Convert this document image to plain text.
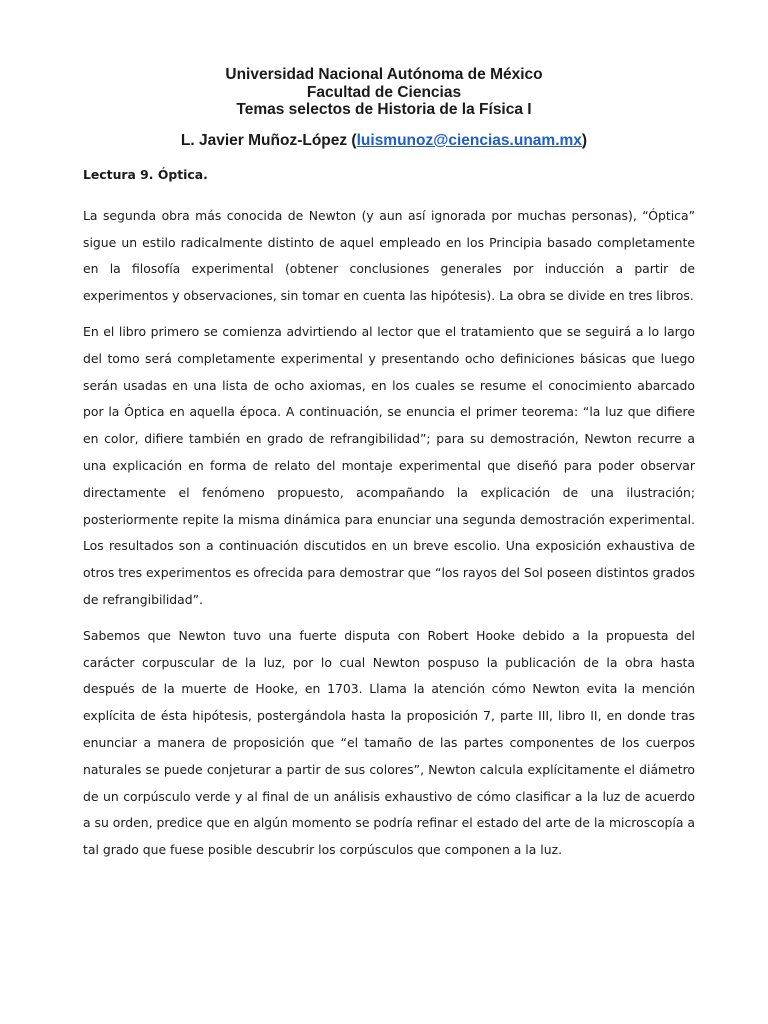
Universidad Nacional Autónoma de México

Facultad de Ciencias

Temas selectos de Historia de la Física I

L. Javier Muñoz-López (luismunoz@ciencias.unam.mx)

Lectura 9. Óptica.

La segunda obra más conocida de Newton (y aun así ignorada por muchas personas), “Óptica” sigue un estilo radicalmente distinto de aquel empleado en los Principia basado completamente en la filosofía experimental (obtener conclusiones generales por inducción a partir de experimentos y observaciones, sin tomar en cuenta las hipótesis). La obra se divide en tres libros.

En el libro primero se comienza advirtiendo al lector que el tratamiento que se seguirá a lo largo del tomo será completamente experimental y presentando ocho definiciones básicas que luego serán usadas en una lista de ocho axiomas, en los cuales se resume el conocimiento abarcado por la Óptica en aquella época. A continuación, se enuncia el primer teorema: “la luz que difiere en color, difiere también en grado de refrangibilidad”; para su demostración, Newton recurre a una explicación en forma de relato del montaje experimental que diseñó para poder observar directamente el fenómeno propuesto, acompañando la explicación de una ilustración; posteriormente repite la misma dinámica para enunciar una segunda demostración experimental. Los resultados son a continuación discutidos en un breve escolio. Una exposición exhaustiva de otros tres experimentos es ofrecida para demostrar que “los rayos del Sol poseen distintos grados de refrangibilidad”.

Sabemos que Newton tuvo una fuerte disputa con Robert Hooke debido a la propuesta del carácter corpuscular de la luz, por lo cual Newton pospuso la publicación de la obra hasta después de la muerte de Hooke, en 1703. Llama la atención cómo Newton evita la mención explícita de ésta hipótesis, postergándola hasta la proposición 7, parte III, libro II, en donde tras enunciar a manera de proposición que “el tamaño de las partes componentes de los cuerpos naturales se puede conjeturar a partir de sus colores”, Newton calcula explícitamente el diámetro de un corpúsculo verde y al final de un análisis exhaustivo de cómo clasificar a la luz de acuerdo a su orden, predice que en algún momento se podría refinar el estado del arte de la microscopía a tal grado que fuese posible descubrir los corpúsculos que componen a la luz.
